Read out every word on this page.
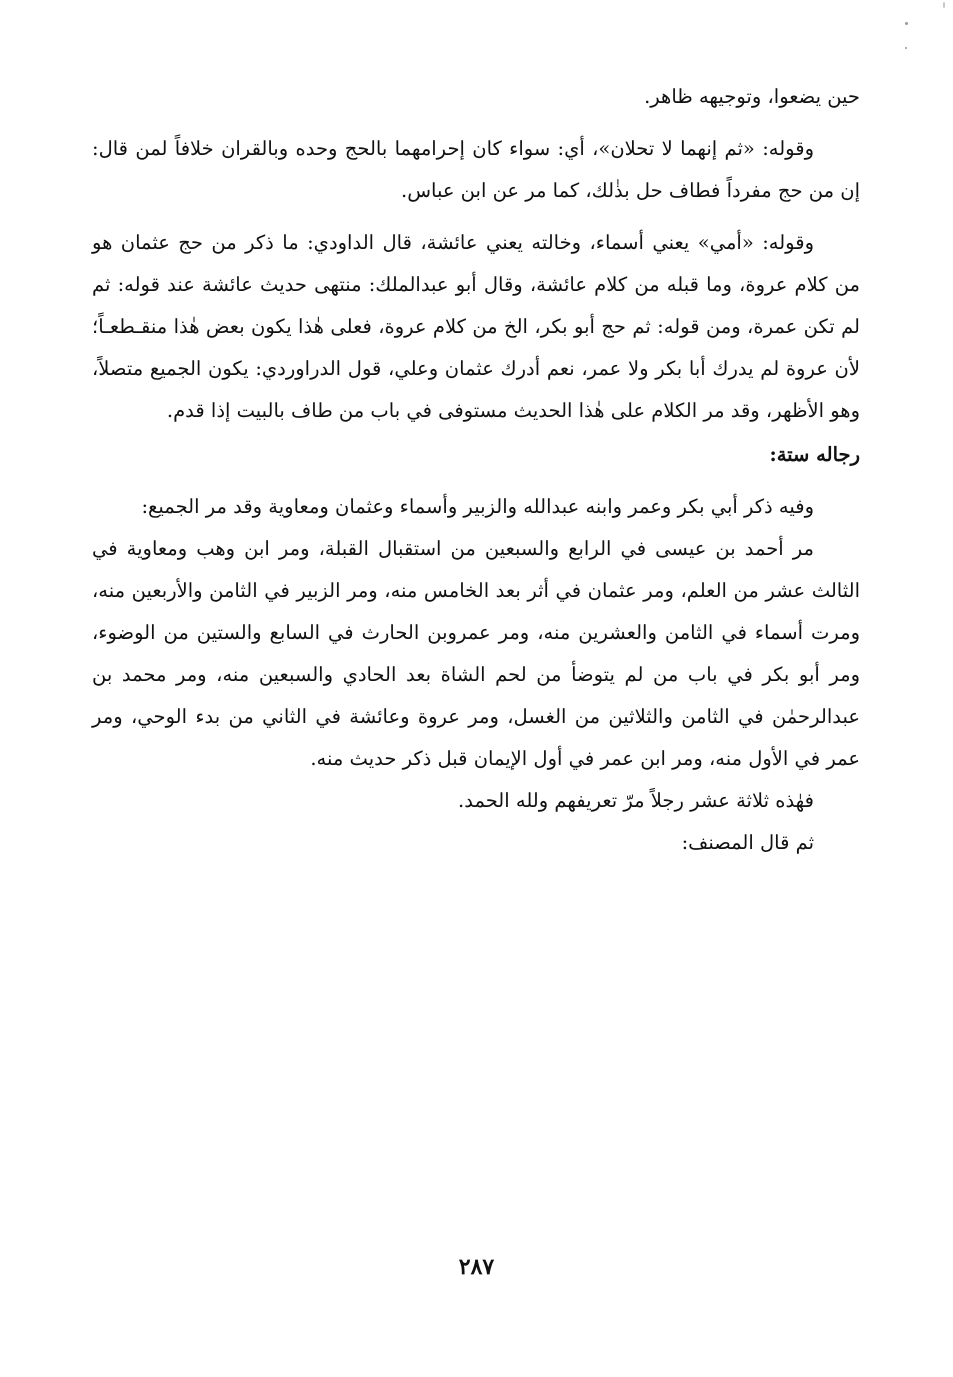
حين يضعوا، وتوجيهه ظاهر.

وقوله: «ثم إنهما لا تحلان»، أي: سواء كان إحرامهما بالحج وحده وبالقران خلافاً لمن قال: إن من حج مفرداً فطاف حل بذٰلك، كما مر عن ابن عباس.

وقوله: «أمي» يعني أسماء، وخالته يعني عائشة، قال الداودي: ما ذكر من حج عثمان هو من كلام عروة، وما قبله من كلام عائشة، وقال أبو عبدالملك: منتهى حديث عائشة عند قوله: ثم لم تكن عمرة، ومن قوله: ثم حج أبو بكر، الخ من كلام عروة، فعلى هٰذا يكون بعض هٰذا منقـطعـاً؛ لأن عروة لم يدرك أبا بكر ولا عمر، نعم أدرك عثمان وعلي، قول الدراوردي: يكون الجميع متصلاً، وهو الأظهر، وقد مر الكلام على هٰذا الحديث مستوفى في باب من طاف بالبيت إذا قدم.

رجاله ستة:

وفيه ذكر أبي بكر وعمر وابنه عبدالله والزبير وأسماء وعثمان ومعاوية وقد مر الجميع:

مر أحمد بن عيسى في الرابع والسبعين من استقبال القبلة، ومر ابن وهب ومعاوية في الثالث عشر من العلم، ومر عثمان في أثر بعد الخامس منه، ومر الزبير في الثامن والأربعين منه، ومرت أسماء في الثامن والعشرين منه، ومر عمروبن الحارث في السابع والستين من الوضوء، ومر أبو بكر في باب من لم يتوضأ من لحم الشاة بعد الحادي والسبعين منه، ومر محمد بن عبدالرحمٰن في الثامن والثلاثين من الغسل، ومر عروة وعائشة في الثاني من بدء الوحي، ومر عمر في الأول منه، ومر ابن عمر في أول الإيمان قبل ذكر حديث منه.

فهٰذه ثلاثة عشر رجلاً مرّ تعريفهم ولله الحمد.

ثم قال المصنف:

٢٨٧
